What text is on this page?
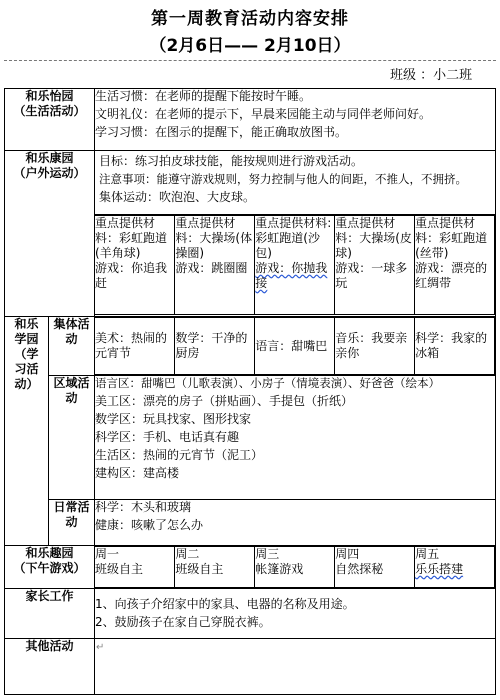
第一周教育活动内容安排
（2月6日—— 2月10日）
班级 ：小二班
和乐怡园
（生活活动）

生活习惯：在老师的提醒下能按时午睡。
文明礼仪：在老师的提示下，早晨来园能主动与同伴老师问好。
学习习惯：在图示的提醒下，能正确取放图书。

和乐康园
（户外运动）

目标：练习拍皮球技能，能按规则进行游戏活动。
注意事项：能遵守游戏规则，努力控制与他人的间距，不推人，不拥挤。
集体运动：吹泡泡、大皮球。
重点提供材料：彩虹跑道(羊角球)
游戏：你追我赶

重点提供材料：大操场(体操圈)
游戏：跳圈圈

重点提供材料:彩虹跑道(沙包)
游戏：你抛我接

重点提供材料：大操场(皮球)
游戏：一球多玩

重点提供材料：彩虹跑道(丝带)
游戏：漂亮的红绸带

和乐学园（学习活动）	集体活动	美术：热闹的元宵节	数学：干净的厨房	语言：甜嘴巴	音乐：我要亲亲你	科学：我家的冰箱

区域活动	
语言区：甜嘴巴（儿歌表演）、小房子（情境表演）、好爸爸（绘本）
美工区：漂亮的房子（拼贴画）、手提包（折纸）
数学区：玩具找家、图形找家
科学区：手机、电话真有趣
生活区：热闹的元宵节（泥工）
建构区：建高楼

日常活动	
科学：木头和玻璃
健康：咳嗽了怎么办

和乐趣园
（下午游戏）

周一
班级自主

周二
班级自主

周三
帐篷游戏

周四
自然探秘

周五
乐乐搭建

家长工作	
1、向孩子介绍家中的家具、电器的名称及用途。
2、鼓励孩子在家自己穿脱衣裤。

其他活动	↵
